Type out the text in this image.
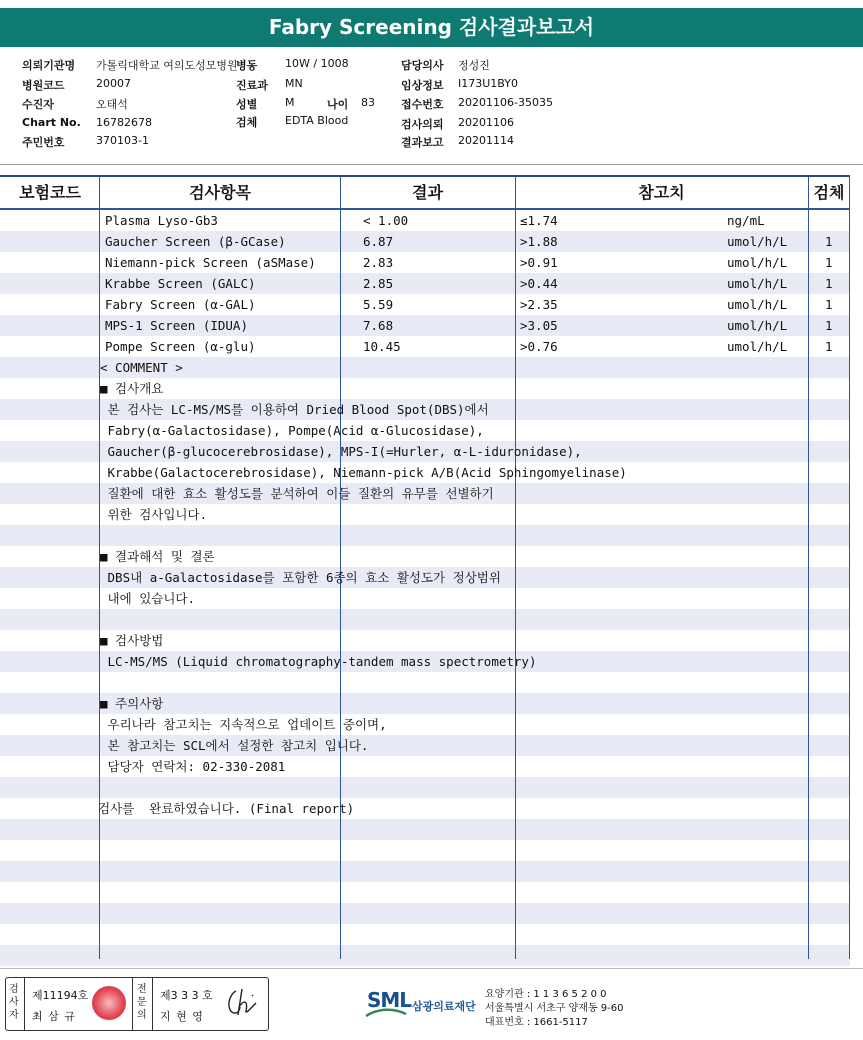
Fabry Screening 검사결과보고서
의뢰기관명 가톨릭대학교 여의도성모병원
병동	10W / 1008	담당의사 정성진
병원코드	20007	진료과 MN	임상정보 I173U1BY0
수진자	오태석	성별	M	나이 83 접수번호 20201106-35035
Chart No. 16782678	검체	EDTA Blood	검사의뢰 20201106
주민번호	370103-1	결과보고 20201114
보험코드	검사항목	결과	참고치	검체
Plasma Lyso-Gb3	< 1.00	≤1.74	ng/mL
Gaucher Screen (β-GCase)	6.87	>1.88	umol/h/L	1
Niemann-pick Screen (aSMase)	2.83	>0.91	umol/h/L	1
Krabbe Screen (GALC)	2.85	>0.44	umol/h/L	1
Fabry Screen (α-GAL)	5.59	>2.35	umol/h/L	1
MPS-1 Screen (IDUA)	7.68	>3.05	umol/h/L	1
Pompe Screen (α-glu)	10.45	>0.76	umol/h/L	1
< COMMENT >
■ 검사개요
본 검사는 LC-MS/MS를 이용하여 Dried Blood Spot(DBS)에서
Fabry(α-Galactosidase), Pompe(Acid α-Glucosidase),
Gaucher(β-glucocerebrosidase), MPS-I(=Hurler, α-L-iduronidase),
Krabbe(Galactocerebrosidase), Niemann-pick A/B(Acid Sphingomyelinase)
질환에 대한 효소 활성도를 분석하여 이들 질환의 유무를 선별하기
위한 검사입니다.
■ 결과해석 및 결론
DBS내 a-Galactosidase를 포함한 6종의 효소 활성도가 정상범위
내에 있습니다.
■ 검사방법
LC-MS/MS (Liquid chromatography-tandem mass spectrometry)
■ 주의사항
우리나라 참고치는 지속적으로 업데이트 중이며,
본 참고치는 SCL에서 설정한 참고치 입니다.
담당자 연락처: 02-330-2081
검사를  완료하였습니다. (Final report)
검사자
제11194호
최 삼 규
전문의
제3 3 3 호
지 현 영
SML 삼광의료재단
요양기관 : 1 1 3 6 5 2 0 0
서울특별시 서초구 양재동 9-60
대표번호 : 1661-5117
